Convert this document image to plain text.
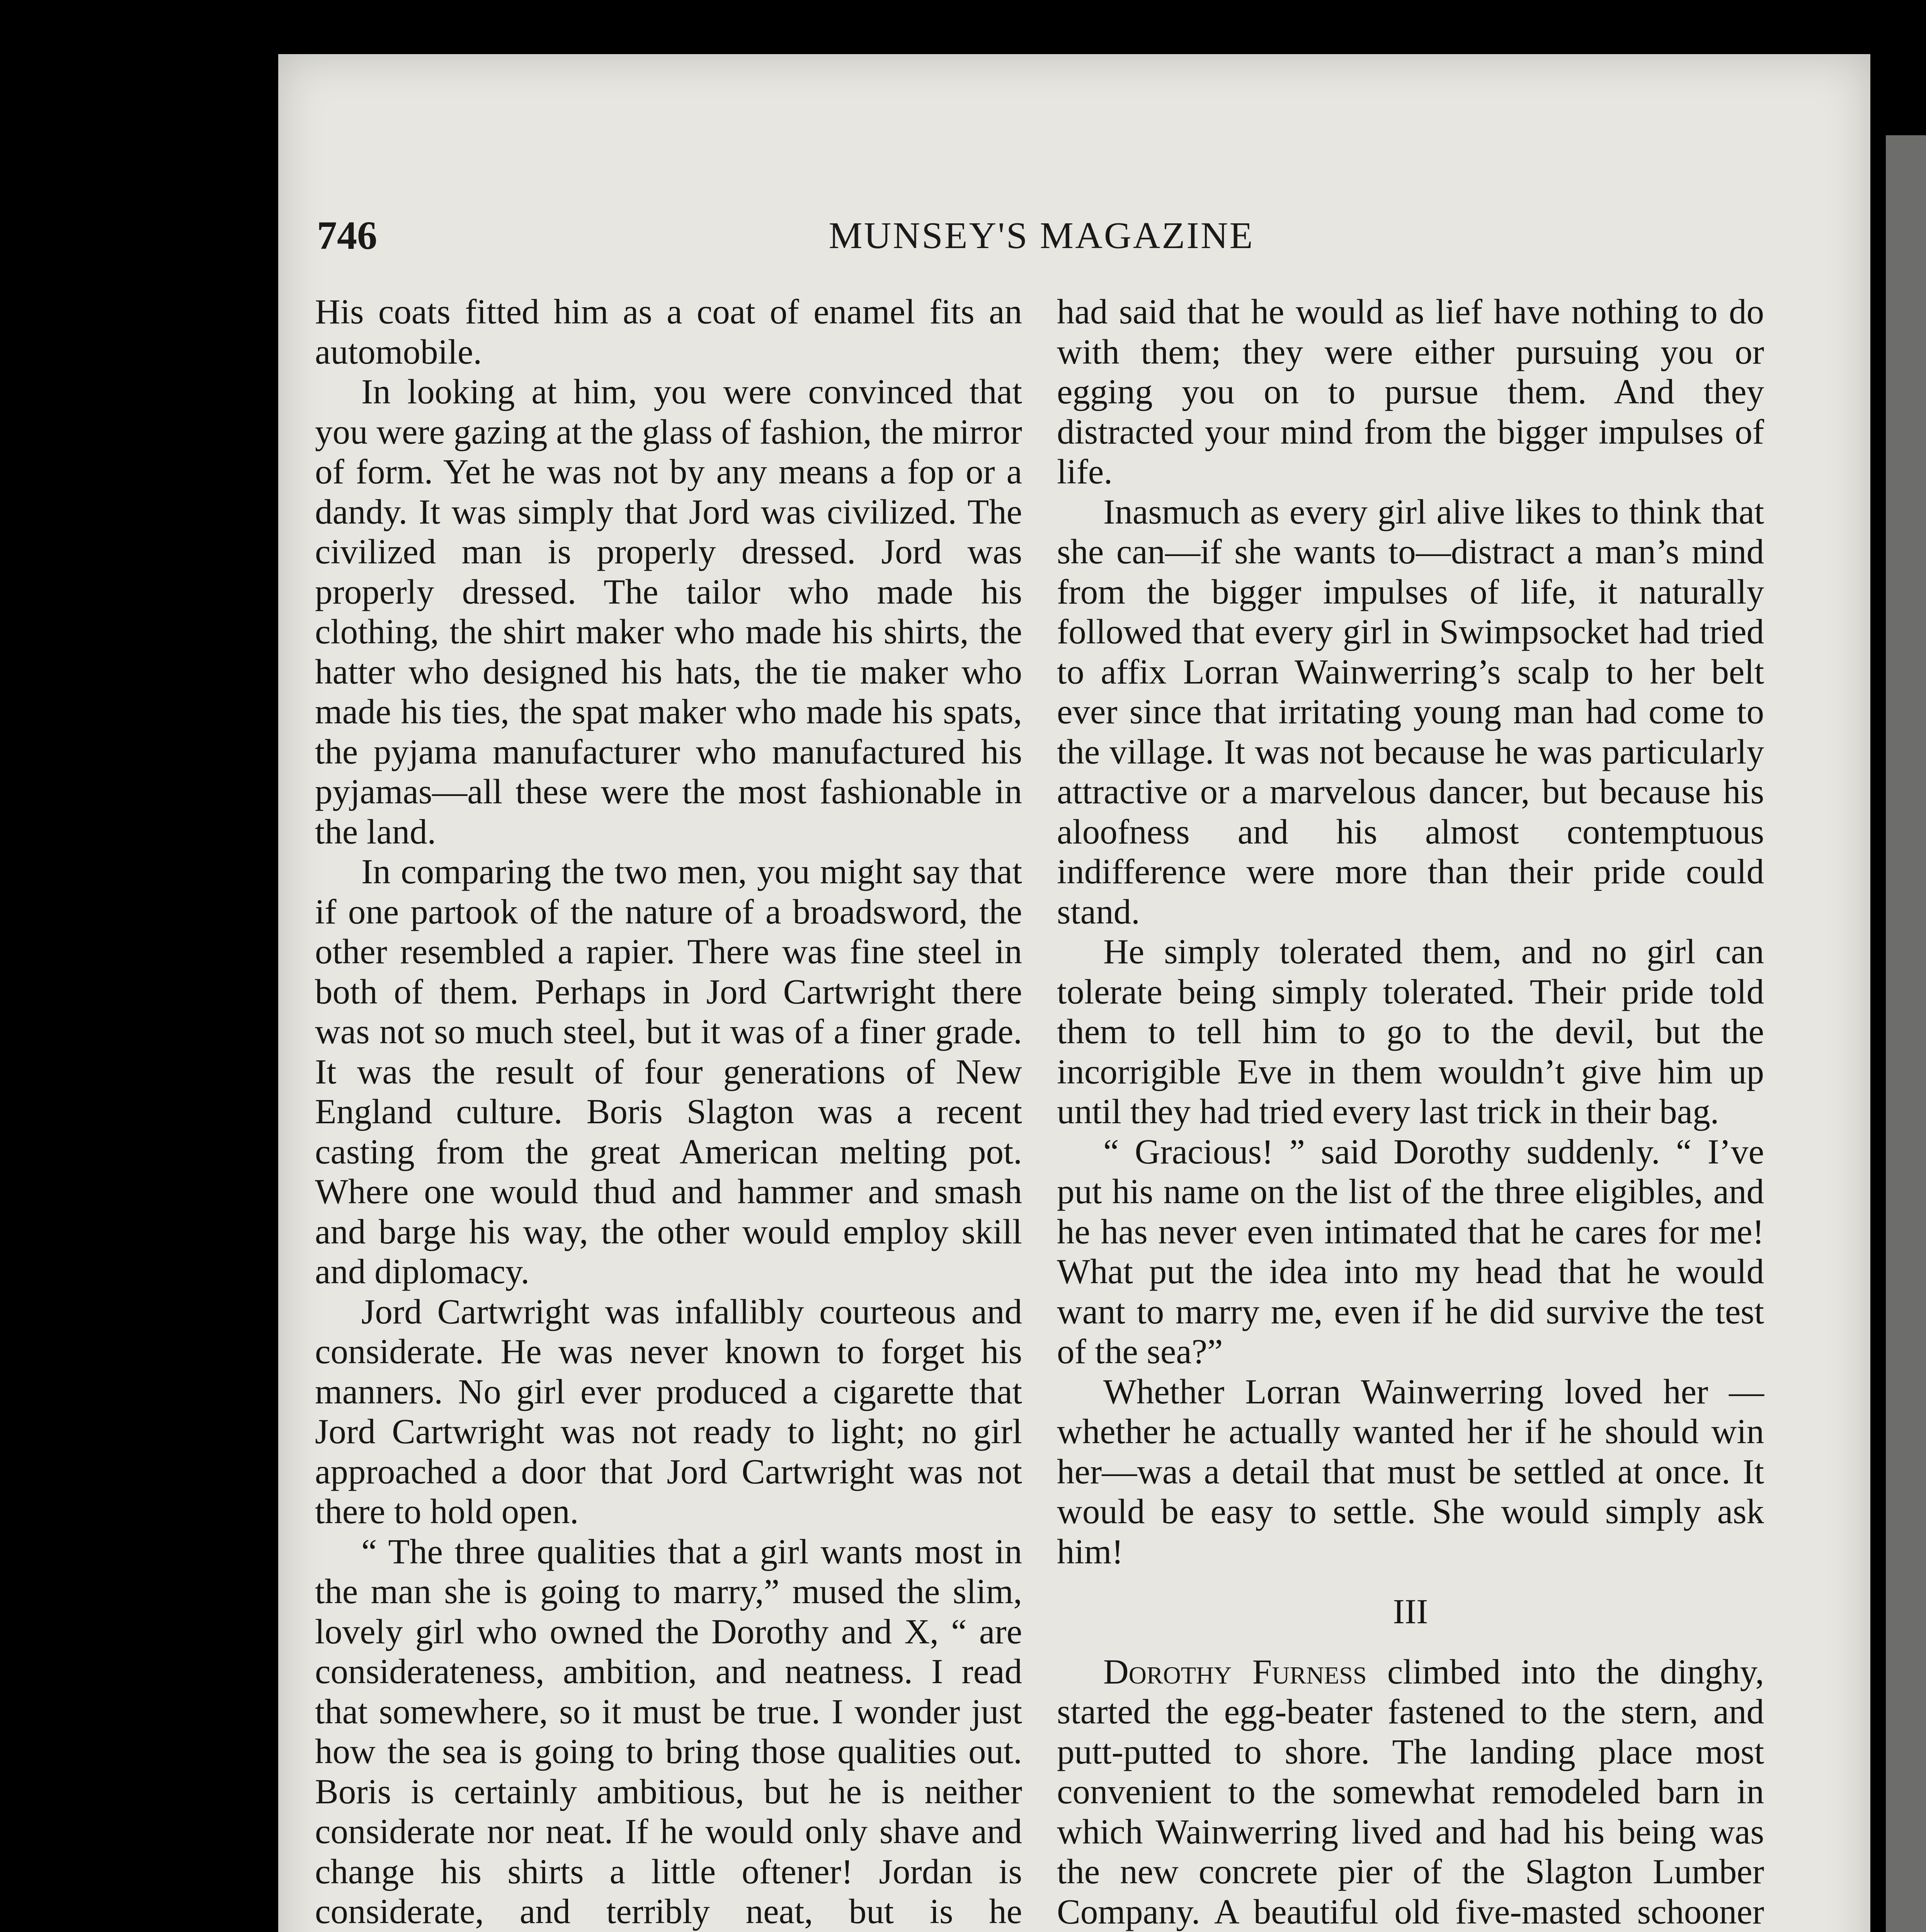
746	MUNSEY'S MAGAZINE

His coats fitted him as a coat of enamel fits an automobile.

In looking at him, you were convinced that you were gazing at the glass of fashion, the mirror of form. Yet he was not by any means a fop or a dandy. It was simply that Jord was civilized. The civilized man is properly dressed. Jord was properly dressed. The tailor who made his clothing, the shirt maker who made his shirts, the hatter who designed his hats, the tie maker who made his ties, the spat maker who made his spats, the pyjama manufacturer who manufactured his pyjamas—all these were the most fashionable in the land.

In comparing the two men, you might say that if one partook of the nature of a broadsword, the other resembled a rapier. There was fine steel in both of them. Perhaps in Jord Cartwright there was not so much steel, but it was of a finer grade. It was the result of four generations of New England culture. Boris Slagton was a recent casting from the great American melting pot. Where one would thud and hammer and smash and barge his way, the other would employ skill and diplomacy.

Jord Cartwright was infallibly courteous and considerate. He was never known to forget his manners. No girl ever produced a cigarette that Jord Cartwright was not ready to light; no girl approached a door that Jord Cartwright was not there to hold open.

“ The three qualities that a girl wants most in the man she is going to marry,” mused the slim, lovely girl who owned the Dorothy and X, “ are considerateness, ambition, and neatness. I read that somewhere, so it must be true. I wonder just how the sea is going to bring those qualities out. Boris is certainly ambitious, but he is neither considerate nor neat. If he would only shave and change his shirts a little oftener! Jordan is considerate, and terribly neat, but is he

had said that he would as lief have nothing to do with them; they were either pursuing you or egging you on to pursue them. And they distracted your mind from the bigger impulses of life.

Inasmuch as every girl alive likes to think that she can—if she wants to—distract a man’s mind from the bigger impulses of life, it naturally followed that every girl in Swimpsocket had tried to affix Lorran Wainwerring’s scalp to her belt ever since that irritating young man had come to the village. It was not because he was particularly attractive or a marvelous dancer, but because his aloofness and his almost contemptuous indifference were more than their pride could stand.

He simply tolerated them, and no girl can tolerate being simply tolerated. Their pride told them to tell him to go to the devil, but the incorrigible Eve in them wouldn’t give him up until they had tried every last trick in their bag.

“ Gracious! ” said Dorothy suddenly. “ I’ve put his name on the list of the three eligibles, and he has never even intimated that he cares for me! What put the idea into my head that he would want to marry me, even if he did survive the test of the sea?”

Whether Lorran Wainwerring loved her —whether he actually wanted her if he should win her—was a detail that must be settled at once. It would be easy to settle. She would simply ask him!

III

Dorothy Furness climbed into the dinghy, started the egg-beater fastened to the stern, and putt-putted to shore. The landing place most convenient to the somewhat remodeled barn in which Wainwerring lived and had his being was the new concrete pier of the Slagton Lumber Company. A beautiful old five-masted schooner
